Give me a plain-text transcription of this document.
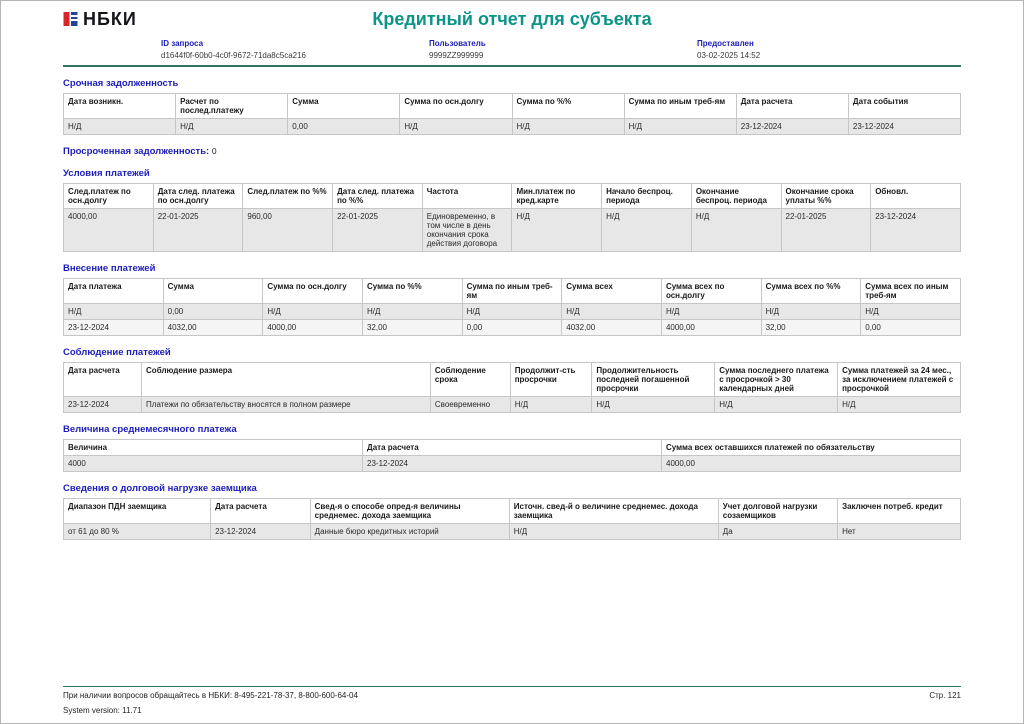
НБКИ	Кредитный отчет для субъекта
ID запроса
d1644f0f-60b0-4c0f-9672-71da8c5ca216
Пользователь
9999ZZ999999
Предоставлен
03-02-2025 14:52
Срочная задолженность
Дата возникн.	Расчет по послед.платежу	Сумма	Сумма по осн.долгу	Сумма по %%	Сумма по иным треб-ям	Дата расчета	Дата события
Н/Д	Н/Д	0,00	Н/Д	Н/Д	Н/Д	23-12-2024	23-12-2024
Просроченная задолженность: 0
Условия платежей
След.платеж по осн.долгу	Дата след. платежа по осн.долгу	След.платеж по %%	Дата след. платежа по %%	Частота	Мин.платеж по кред.карте	Начало беспроц. периода	Окончание беспроц. периода	Окончание срока уплаты %%	Обновл.
4000,00	22-01-2025	960,00	22-01-2025	Единовременно, в том числе в день окончания срока действия договора	Н/Д	Н/Д	Н/Д	22-01-2025	23-12-2024
Внесение платежей
Дата платежа	Сумма	Сумма по осн.долгу	Сумма по %%	Сумма по иным треб-ям	Сумма всех	Сумма всех по осн.долгу	Сумма всех по %%	Сумма всех по иным треб-ям
Н/Д	0,00	Н/Д	Н/Д	Н/Д	Н/Д	Н/Д	Н/Д	Н/Д
23-12-2024	4032,00	4000,00	32,00	0,00	4032,00	4000,00	32,00	0,00
Соблюдение платежей
Дата расчета	Соблюдение размера	Соблюдение срока	Продолжит-сть просрочки	Продолжительность последней погашенной просрочки	Сумма последнего платежа с просрочкой > 30 календарных дней	Сумма платежей за 24 мес., за исключением платежей с просрочкой
23-12-2024	Платежи по обязательству вносятся в полном размере	Своевременно	Н/Д	Н/Д	Н/Д	Н/Д
Величина среднемесячного платежа
Величина	Дата расчета	Сумма всех оставшихся платежей по обязательству
4000	23-12-2024	4000,00
Сведения о долговой нагрузке заемщика
Диапазон ПДН заемщика	Дата расчета	Свед-я о способе опред-я величины среднемес. дохода заемщика	Источн. свед-й о величине среднемес. дохода заемщика	Учет долговой нагрузки созаемщиков	Заключен потреб. кредит
от 61 до 80 %	23-12-2024	Данные бюро кредитных историй	Н/Д	Да	Нет
При наличии вопросов обращайтесь в НБКИ: 8-495-221-78-37, 8-800-600-64-04	Стр. 121
System version: 11.71
